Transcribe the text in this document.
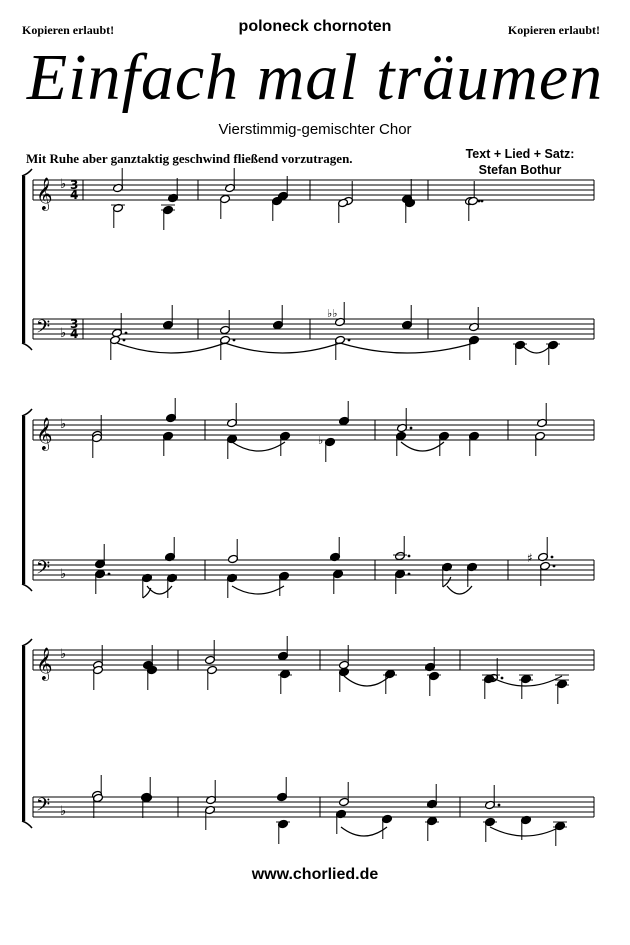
Kopieren erlaubt!	poloneck chornoten	Kopieren erlaubt!
Einfach mal träumen
Vierstimmig-gemischter Chor
Mit Ruhe aber ganztaktig geschwind fließend vorzutragen.	Text + Lied + Satz:
Stefan Bothur
𝄞
𝄢
♭
♭
3
4
3
4
♭♭
𝄞
𝄢
♭
♭
♭
♯
𝄞
𝄢
♭
♭
www.chorlied.de
